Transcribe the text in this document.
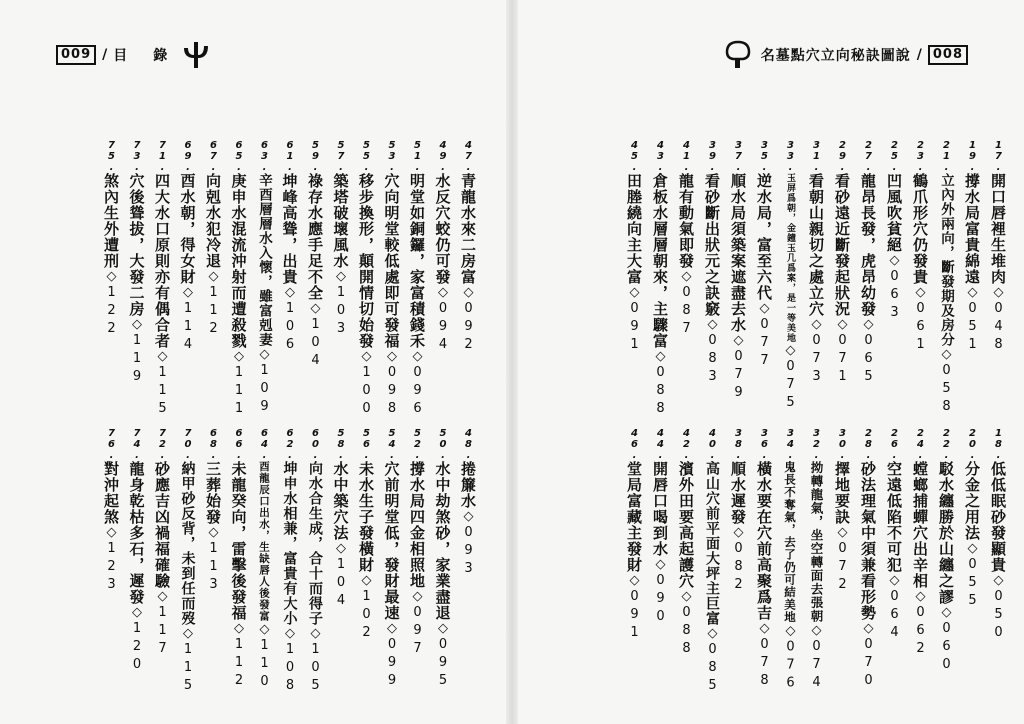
009 / 目　錄	名墓點穴立向秘訣圖說 / 008
47.青龍水來二房富◇092
49.水反穴蛟仍可發◇094
51.明堂如銅鑼，家富積錢禾◇096
53.穴向明堂較低處即可發福◇098
55.移步換形，顛開情切始發◇100
57.築塔破壞風水◇103
59.祿存水應手足不全◇104
61.坤峰高聳，出貴◇106
63.辛酉層層水入懷，雖富剋妻◇109
65.庚申水混流沖射而遭殺戮◇111
67.向剋水犯冷退◇112
69.酉水朝，得女財◇114
71.四大水口原則亦有偶合者◇115
73.穴後聳拔，大發二房◇119
75.煞內生外遭刑◇122
48.捲簾水◇093
50.水中劫煞砂，家業盡退◇095
52.撐水局四金相照地◇097
54.穴前明堂低，發財最速◇099
56.未水生子發橫財◇102
58.水中築穴法◇104
60.向水合生成，合十而得子◇105
62.坤申水相兼，富貴有大小◇108
64.酉龍辰口出水，生缺唇人後發富◇110
66.未龍癸向，雷擊後發福◇112
68.三葬始發◇113
70.納甲砂反背，未到任而歿◇115
72.砂應吉凶禍福確驗◇117
74.龍身乾枯多石，遲發◇120
76.對沖起煞◇123
17.開口唇裡生堆肉◇048
19.撐水局富貴綿遠◇051
21.立內外兩向，斷發期及房分◇058
23.鶴爪形穴仍發貴◇061
25.凹風吹貧絕◇063
27.龍昂長發，虎昂幼發◇065
29.看砂遠近斷發起狀況◇071
31.看朝山親切之處立穴◇073
33.玉屏爲朝，金鐘玉几爲案，是一等美地◇075
35.逆水局，富至六代◇077
37.順水局須築案遮盡去水◇079
39.看砂斷出狀元之訣竅◇083
41.龍有動氣即發◇087
43.倉板水層層朝來，主驟富◇088
45.田塍繞向主大富◇091
18.低低眠砂發顯貴◇050
20.分金之用法◇055
22.駁水纏勝於山纏之謬◇060
24.螳螂捕蟬穴出辛相◇062
26.空遠低陷不可犯◇064
28.砂法理氣中須兼看形勢◇070
30.擇地要訣◇072
32.拗轉龍氣，坐空轉面去張朝◇074
34.鬼長不奪氣，去了仍可結美地◇076
36.橫水要在穴前高聚爲吉◇078
38.順水遲發◇082
40.高山穴前平面大坪主巨富◇085
42.濱外田要高起護穴◇088
44.開唇口喝到水◇090
46.堂局富藏主發財◇091
